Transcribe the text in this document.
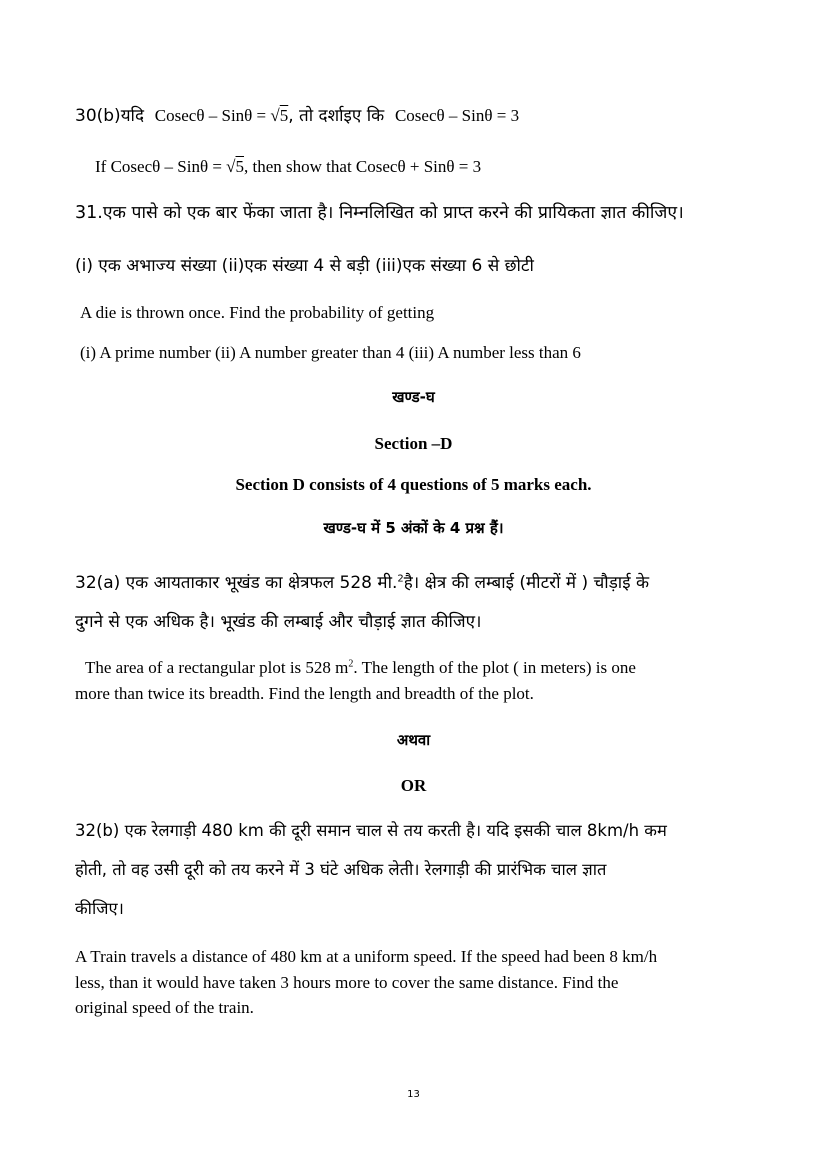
30(b)यदि Cosecθ – Sinθ = √5, तो दर्शाइए कि Cosecθ – Sinθ = 3
If Cosecθ – Sinθ = √5, then show that Cosecθ + Sinθ = 3
31.एक पासे को एक बार फेंका जाता है। निम्नलिखित को प्राप्त करने की प्रायिकता ज्ञात कीजिए।
(i) एक अभाज्य संख्या (ii)एक संख्या 4 से बड़ी (iii)एक संख्या 6 से छोटी
A die is thrown once. Find the probability of getting
(i) A prime number (ii) A number greater than 4 (iii) A number less than 6
खण्ड-घ
Section –D
Section D consists of 4 questions of 5 marks each.
खण्ड-घ में 5 अंकों के 4 प्रश्न हैं।
32(a) एक आयताकार भूखंड का क्षेत्रफल 528 मी.$^2$है। क्षेत्र की लम्बाई (मीटरों में ) चौड़ाई के
दुगने से एक अधिक है। भूखंड की लम्बाई और चौड़ाई ज्ञात कीजिए।
The area of a rectangular plot is 528 $m^2$. The length of the plot ( in meters) is one
more than twice its breadth. Find the length and breadth of the plot.
अथवा
OR
32(b) एक रेलगाड़ी 480 km की दूरी समान चाल से तय करती है। यदि इसकी चाल 8km/h कम
होती, तो वह उसी दूरी को तय करने में 3 घंटे अधिक लेती। रेलगाड़ी की प्रारंभिक चाल ज्ञात
कीजिए।
A Train travels a distance of 480 km at a uniform speed. If the speed had been 8 km/h
less, than it would have taken 3 hours more to cover the same distance. Find the
original speed of the train.
13
